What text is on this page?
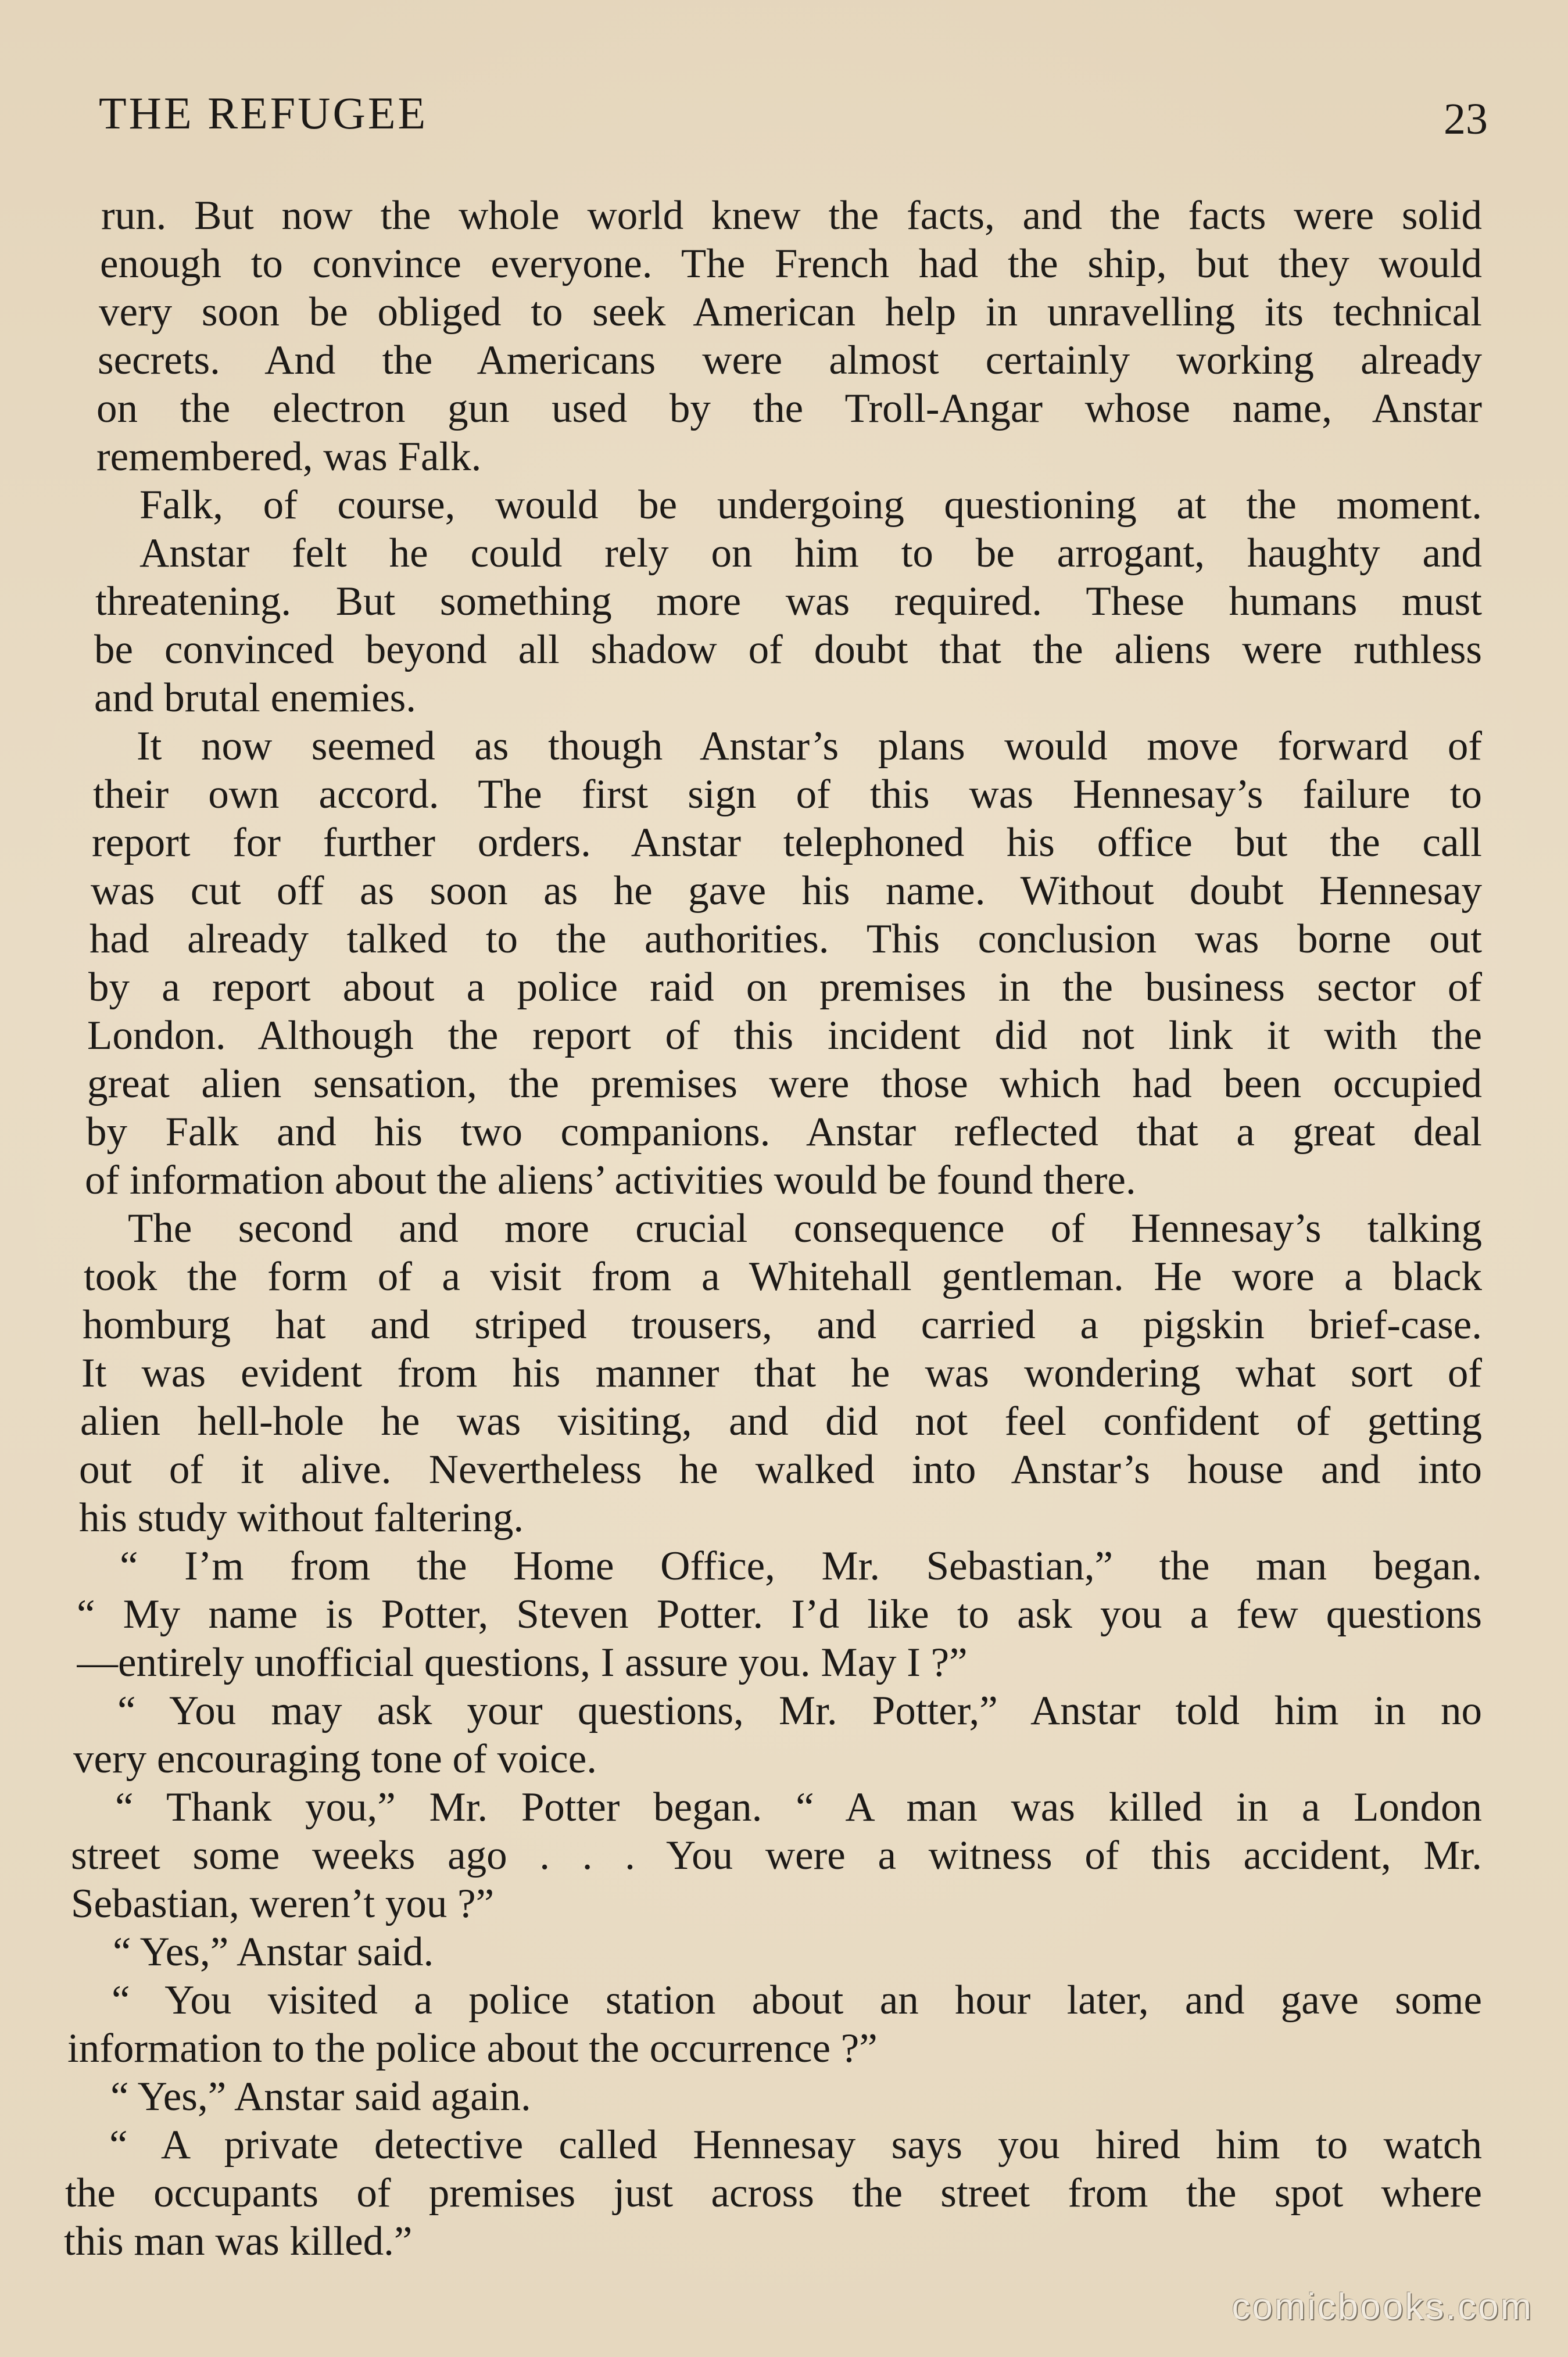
THE REFUGEE	23
run. But now the whole world knew the facts, and the facts were solid
enough to convince everyone. The French had the ship, but they would
very soon be obliged to seek American help in unravelling its technical
secrets. And the Americans were almost certainly working already
on the electron gun used by the Troll-Angar whose name, Anstar
remembered, was Falk.
Falk, of course, would be undergoing questioning at the moment.
Anstar felt he could rely on him to be arrogant, haughty and
threatening. But something more was required. These humans must
be convinced beyond all shadow of doubt that the aliens were ruthless
and brutal enemies.
It now seemed as though Anstar’s plans would move forward of
their own accord. The first sign of this was Hennesay’s failure to
report for further orders. Anstar telephoned his office but the call
was cut off as soon as he gave his name. Without doubt Hennesay
had already talked to the authorities. This conclusion was borne out
by a report about a police raid on premises in the business sector of
London. Although the report of this incident did not link it with the
great alien sensation, the premises were those which had been occupied
by Falk and his two companions. Anstar reflected that a great deal
of information about the aliens’ activities would be found there.
The second and more crucial consequence of Hennesay’s talking
took the form of a visit from a Whitehall gentleman. He wore a black
homburg hat and striped trousers, and carried a pigskin brief-case.
It was evident from his manner that he was wondering what sort of
alien hell-hole he was visiting, and did not feel confident of getting
out of it alive. Nevertheless he walked into Anstar’s house and into
his study without faltering.
“ I’m from the Home Office, Mr. Sebastian,” the man began.
“ My name is Potter, Steven Potter. I’d like to ask you a few questions
—entirely unofficial questions, I assure you. May I ?”
“ You may ask your questions, Mr. Potter,” Anstar told him in no
very encouraging tone of voice.
“ Thank you,” Mr. Potter began. “ A man was killed in a London
street some weeks ago . . . You were a witness of this accident, Mr.
Sebastian, weren’t you ?”
“ Yes,” Anstar said.
“ You visited a police station about an hour later, and gave some
information to the police about the occurrence ?”
“ Yes,” Anstar said again.
“ A private detective called Hennesay says you hired him to watch
the occupants of premises just across the street from the spot where
this man was killed.”
comicbooks.com
